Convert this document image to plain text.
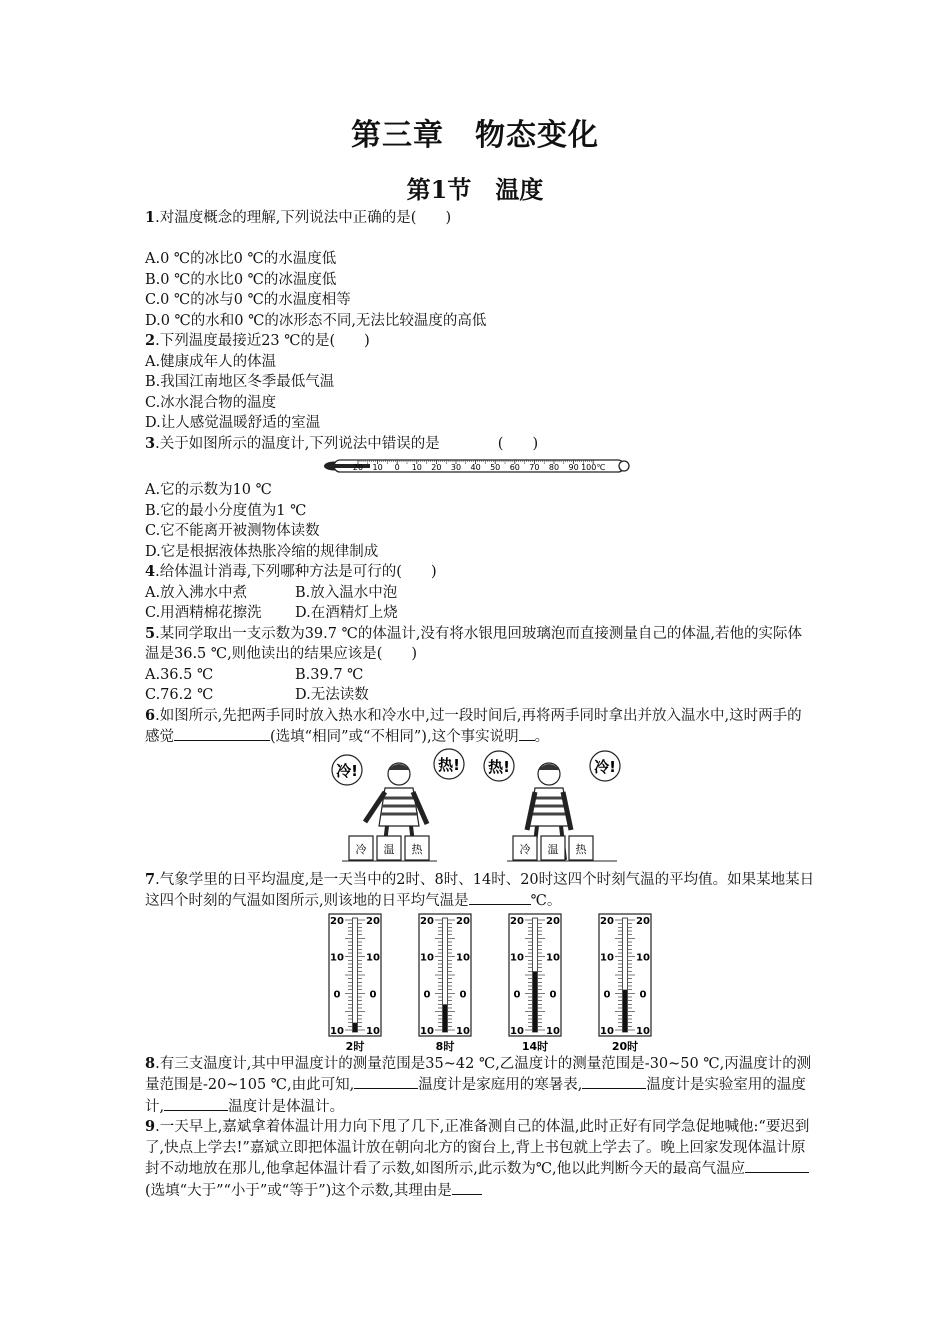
第三章　物态变化
第1节　温度

1.对温度概念的理解,下列说法中正确的是(　　)

A.0 ℃的冰比0 ℃的水温度低

B.0 ℃的水比0 ℃的冰温度低

C.0 ℃的冰与0 ℃的水温度相等

D.0 ℃的水和0 ℃的冰形态不同,无法比较温度的高低

2.下列温度最接近23 ℃的是(　　)

A.健康成年人的体温

B.我国江南地区冬季最低气温

C.冰水混合物的温度

D.让人感觉温暖舒适的室温

3.关于如图所示的温度计,下列说法中错误的是　　　　(　　)

20 10 0 10 20 30 40 50 60 70 80 90 100℃

A.它的示数为10 ℃

B.它的最小分度值为1 ℃

C.它不能离开被测物体读数

D.它是根据液体热胀冷缩的规律制成

4.给体温计消毒,下列哪种方法是可行的(　　)

A.放入沸水中煮	B.放入温水中泡

C.用酒精棉花擦洗	D.在酒精灯上烧

5.某同学取出一支示数为39.7 ℃的体温计,没有将水银甩回玻璃泡而直接测量自己的体温,若他的实际体温是36.5 ℃,则他读出的结果应该是(　　)

A.36.5 ℃	B.39.7 ℃

C.76.2 ℃	D.无法读数

6.如图所示,先把两手同时放入热水和冷水中,过一段时间后,再将两手同时拿出并放入温水中,这时两手的感觉	(选填“相同”或“不相同”),这个事实说明 。

冷!	热!
冷 温 热
热!	冷!
冷 温 热

7.气象学里的日平均温度,是一天当中的2时、8时、14时、20时这四个时刻气温的平均值。如果某地某日这四个时刻的气温如图所示,则该地的日平均气温是	℃。

20 20
10 10
0	0
10 10
2时
20 20
10 10
0	0
10 10
8时
20 20
10 10
0	0
10 10
14时
20 20
10 10
0	0
10 10
20时

8.有三支温度计,其中甲温度计的测量范围是35~42 ℃,乙温度计的测量范围是-30~50 ℃,丙温度计的测量范围是-20~105 ℃,由此可知,	温度计是家庭用的寒暑表,	温度计是实验室用的温度计,	温度计是体温计。

9.一天早上,嘉斌拿着体温计用力向下甩了几下,正准备测自己的体温,此时正好有同学急促地喊他:“要迟到了,快点上学去!”嘉斌立即把体温计放在朝向北方的窗台上,背上书包就上学去了。晚上回家发现体温计原封不动地放在那儿,他拿起体温计看了示数,如图所示,此示数为℃,他以此判断今天的最高气温应(选填“大于”“小于”或“等于”)这个示数,其理由是
